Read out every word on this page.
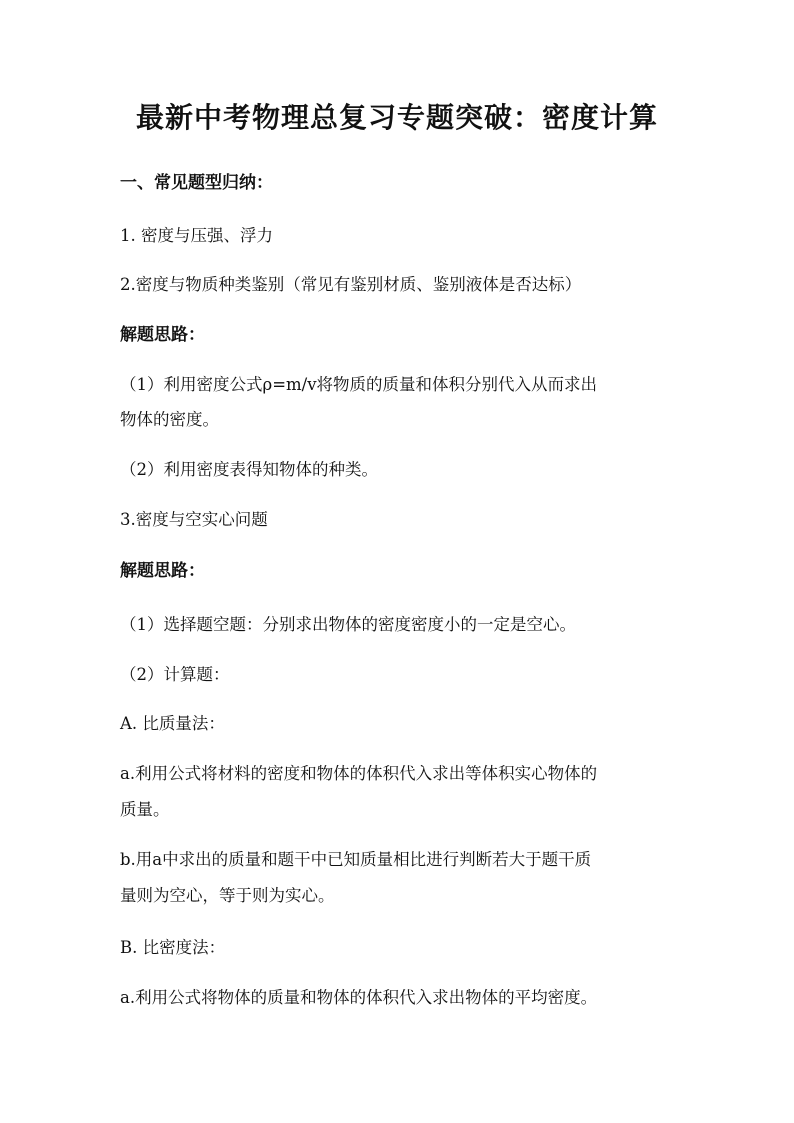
最新中考物理总复习专题突破：密度计算
一、常见题型归纳：
1. 密度与压强、浮力
2.密度与物质种类鉴别（常见有鉴别材质、鉴别液体是否达标）
解题思路：
（1）利用密度公式ρ=m/v将物质的质量和体积分别代入从而求出
物体的密度。
（2）利用密度表得知物体的种类。
3.密度与空实心问题
解题思路：
（1）选择题空题：分别求出物体的密度密度小的一定是空心。
（2）计算题：
A. 比质量法：
a.利用公式将材料的密度和物体的体积代入求出等体积实心物体的
质量。
b.用a中求出的质量和题干中已知质量相比进行判断若大于题干质
量则为空心，等于则为实心。
B. 比密度法：
a.利用公式将物体的质量和物体的体积代入求出物体的平均密度。
